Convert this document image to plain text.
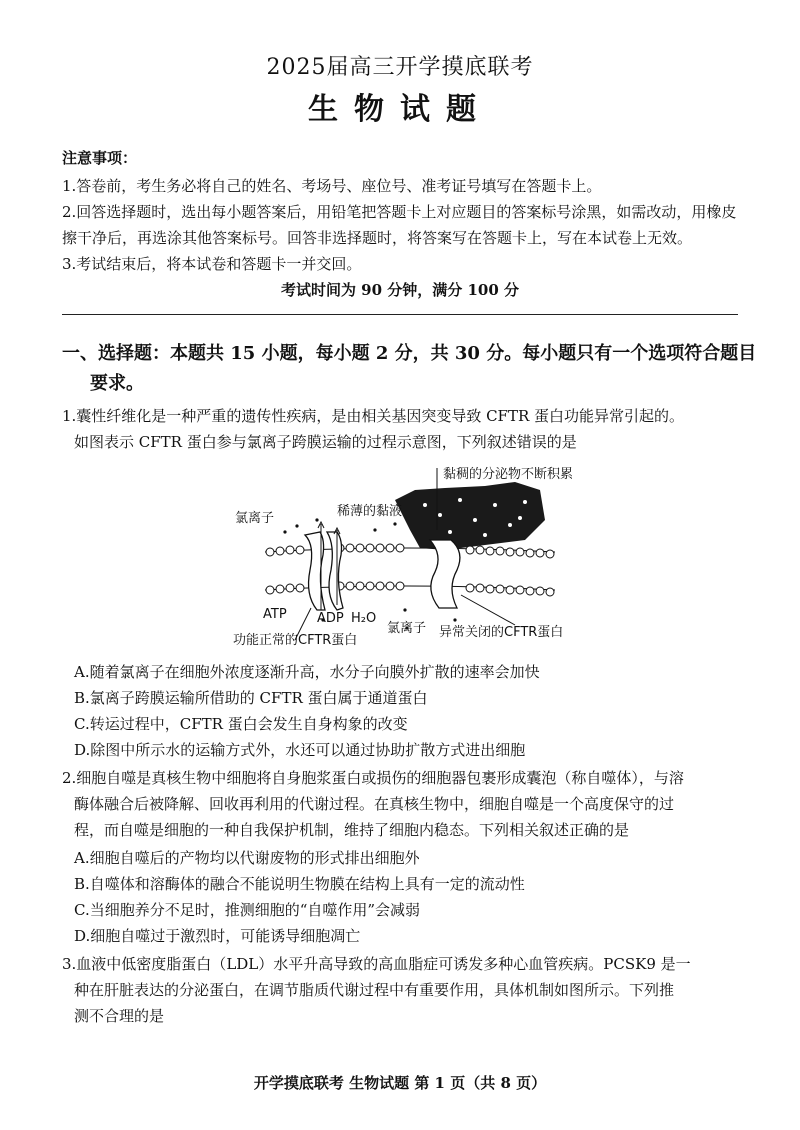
2025届高三开学摸底联考
生物试题
注意事项：
1.答卷前，考生务必将自己的姓名、考场号、座位号、准考证号填写在答题卡上。
2.回答选择题时，选出每小题答案后，用铅笔把答题卡上对应题目的答案标号涂黑，如需改动，用橡皮
擦干净后，再选涂其他答案标号。回答非选择题时，将答案写在答题卡上，写在本试卷上无效。
3.考试结束后，将本试卷和答题卡一并交回。
考试时间为 90 分钟，满分 100 分
一、选择题：本题共 15 小题，每小题 2 分，共 30 分。每小题只有一个选项符合题目
要求。
1.囊性纤维化是一种严重的遗传性疾病，是由相关基因突变导致 CFTR 蛋白功能异常引起的。
如图表示 CFTR 蛋白参与氯离子跨膜运输的过程示意图，下列叙述错误的是
黏稠的分泌物不断积累
稀薄的黏液
氯离子
ATP ADP H₂O
功能正常的CFTR蛋白
氯离子 异常关闭的CFTR蛋白
A.随着氯离子在细胞外浓度逐渐升高，水分子向膜外扩散的速率会加快
B.氯离子跨膜运输所借助的 CFTR 蛋白属于通道蛋白
C.转运过程中，CFTR 蛋白会发生自身构象的改变
D.除图中所示水的运输方式外，水还可以通过协助扩散方式进出细胞
2.细胞自噬是真核生物中细胞将自身胞浆蛋白或损伤的细胞器包裹形成囊泡（称自噬体），与溶
酶体融合后被降解、回收再利用的代谢过程。在真核生物中，细胞自噬是一个高度保守的过
程，而自噬是细胞的一种自我保护机制，维持了细胞内稳态。下列相关叙述正确的是
A.细胞自噬后的产物均以代谢废物的形式排出细胞外
B.自噬体和溶酶体的融合不能说明生物膜在结构上具有一定的流动性
C.当细胞养分不足时，推测细胞的“自噬作用”会减弱
D.细胞自噬过于激烈时，可能诱导细胞凋亡
3.血液中低密度脂蛋白（LDL）水平升高导致的高血脂症可诱发多种心血管疾病。PCSK9 是一
种在肝脏表达的分泌蛋白，在调节脂质代谢过程中有重要作用，具体机制如图所示。下列推
测不合理的是
开学摸底联考 生物试题 第 1 页（共 8 页）
